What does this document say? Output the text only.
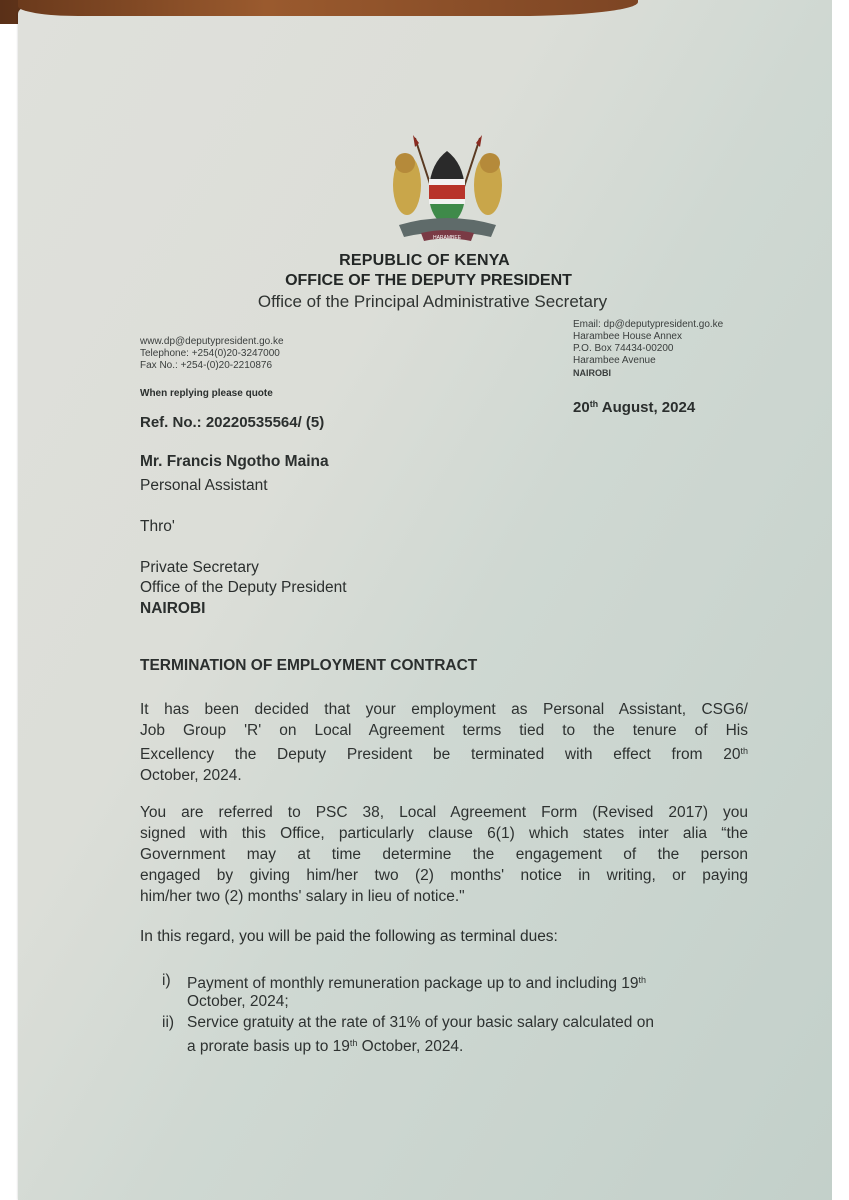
HARAMBEE
REPUBLIC OF KENYA
OFFICE OF THE DEPUTY PRESIDENT
Office of the Principal Administrative Secretary
www.dp@deputypresident.go.ke
Telephone: +254(0)20-3247000
Fax No.: +254-(0)20-2210876
When replying please quote
Ref. No.: 20220535564/ (5)
Email: dp@deputypresident.go.ke
Harambee House Annex
P.O. Box 74434-00200
Harambee Avenue
NAIROBI
20th August, 2024
Mr. Francis Ngotho Maina
Personal Assistant
Thro'
Private Secretary
Office of the Deputy President
NAIROBI
TERMINATION OF EMPLOYMENT CONTRACT
It has been decided that your employment as Personal Assistant, CSG6/
Job Group 'R' on Local Agreement terms tied to the tenure of His
Excellency the Deputy President be terminated with effect from 20th
October, 2024.
You are referred to PSC 38, Local Agreement Form (Revised 2017) you
signed with this Office, particularly clause 6(1) which states inter alia “the
Government may at time determine the engagement of the person
engaged by giving him/her two (2) months' notice in writing, or paying
him/her two (2) months' salary in lieu of notice."
In this regard, you will be paid the following as terminal dues:
i) Payment of monthly remuneration package up to and including 19th
October, 2024;
ii) Service gratuity at the rate of 31% of your basic salary calculated on
a prorate basis up to 19th October, 2024.
